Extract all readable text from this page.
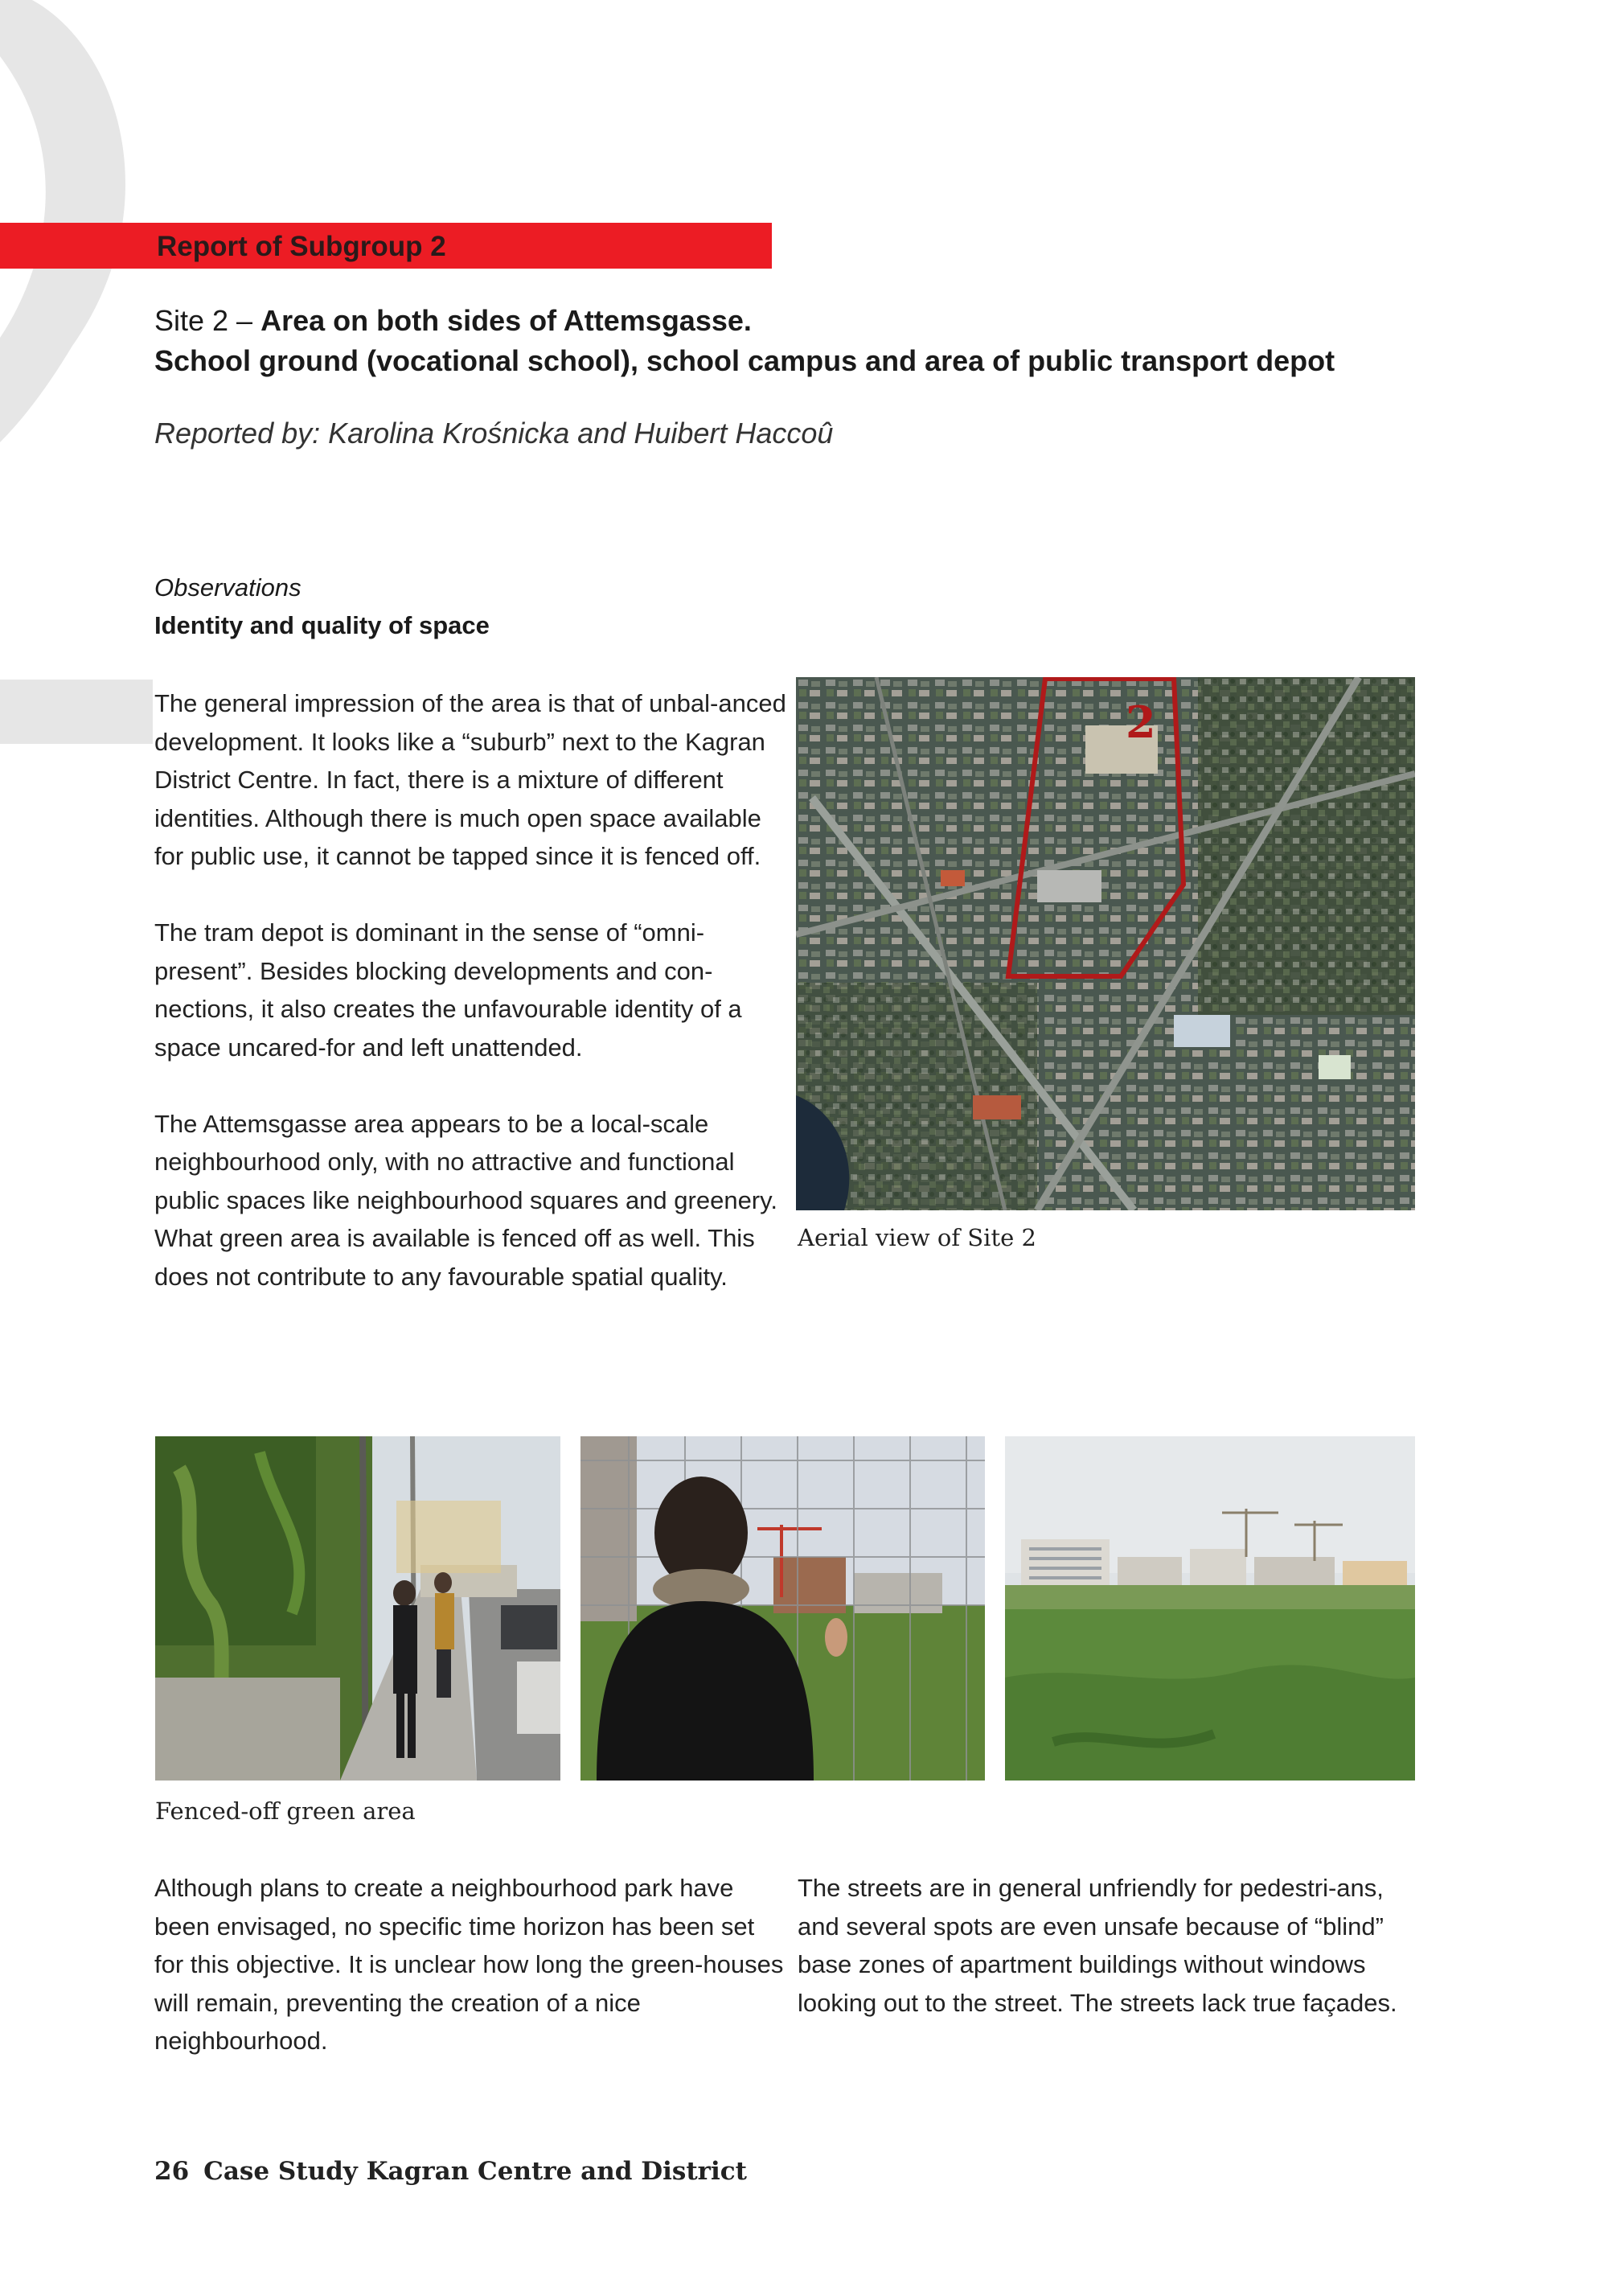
Report of Subgroup 2
Site 2 – Area on both sides of Attemsgasse.
School ground (vocational school), school campus and area of public transport depot
Reported by: Karolina Krośnicka and Huibert Haccoû
Observations
Identity and quality of space

The general impression of the area is that of unbal-anced development. It looks like a “suburb” next to the Kagran District Centre. In fact, there is a mixture of different identities. Although there is much open space available for public use, it cannot be tapped since it is fenced off.

The tram depot is dominant in the sense of “omni-present”. Besides blocking developments and con-nections, it also creates the unfavourable identity of a space uncared-for and left unattended.

The Attemsgasse area appears to be a local-scale neighbourhood only, with no attractive and functional public spaces like neighbourhood squares and greenery. What green area is available is fenced off as well. This does not contribute to any favourable spatial quality.

2
Aerial view of Site 2
Fenced-off green area

Although plans to create a neighbourhood park have been envisaged, no specific time horizon has been set for this objective. It is unclear how long the green-houses will remain, preventing the creation of a nice neighbourhood.

The streets are in general unfriendly for pedestri-ans, and several spots are even unsafe because of “blind” base zones of apartment buildings without windows looking out to the street. The streets lack true façades.

26 Case Study Kagran Centre and District
